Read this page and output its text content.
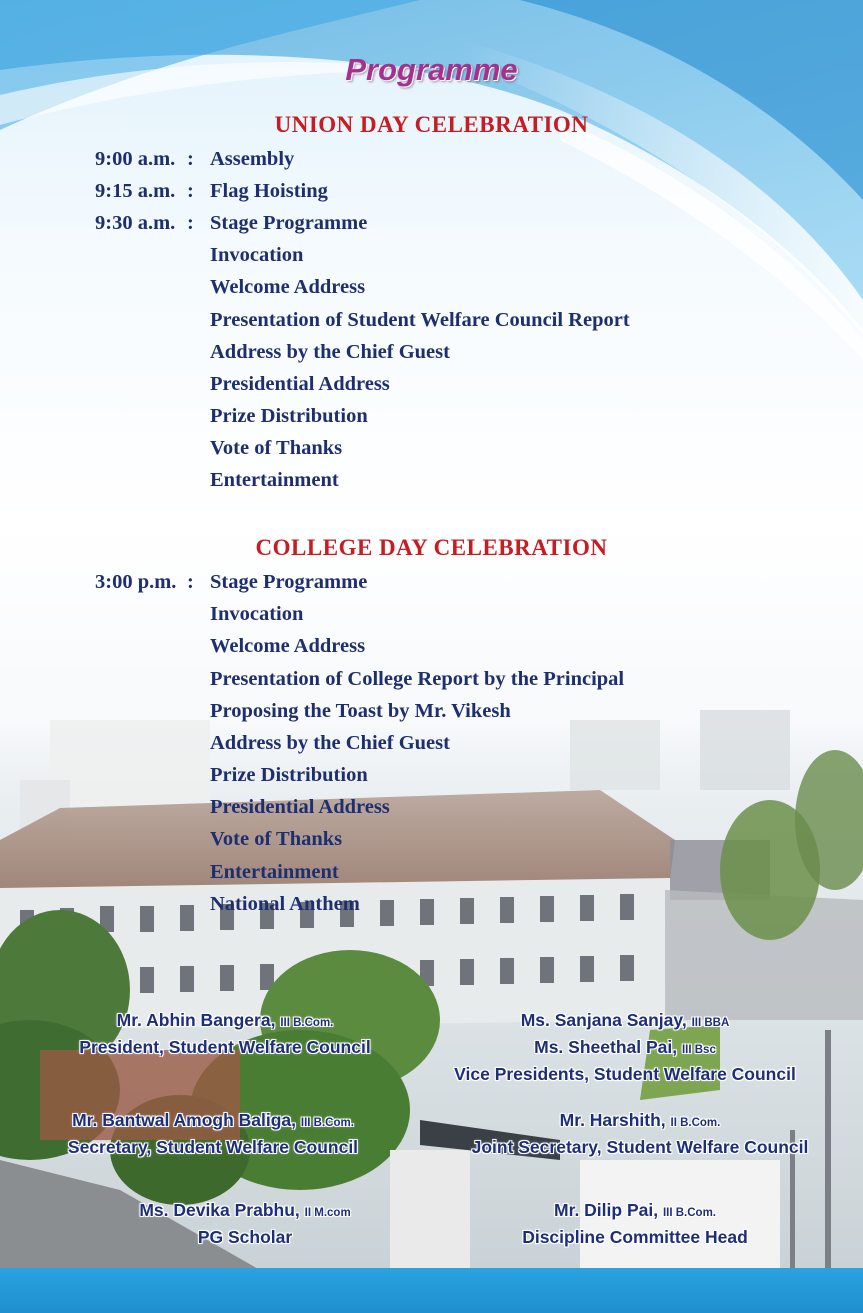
Programme
UNION DAY CELEBRATION
9:00 a.m. : Assembly
9:15 a.m. : Flag Hoisting
9:30 a.m. : Stage Programme
Invocation
Welcome Address
Presentation of Student Welfare Council Report
Address by the Chief Guest
Presidential Address
Prize Distribution
Vote of Thanks
Entertainment
COLLEGE DAY CELEBRATION
3:00 p.m. : Stage Programme
Invocation
Welcome Address
Presentation of College Report by the Principal
Proposing the Toast by Mr. Vikesh
Address by the Chief Guest
Prize Distribution
Presidential Address
Vote of Thanks
Entertainment
National Anthem
Mr. Abhin Bangera, III B.Com.
President, Student Welfare Council
Ms. Sanjana Sanjay, III BBA
Ms. Sheethal Pai, III Bsc
Vice Presidents, Student Welfare Council
Mr. Bantwal Amogh Baliga, III B.Com.
Secretary, Student Welfare Council
Mr. Harshith, II B.Com.
Joint Secretary, Student Welfare Council
Ms. Devika Prabhu, II M.com
PG Scholar
Mr. Dilip Pai, III B.Com.
Discipline Committee Head
